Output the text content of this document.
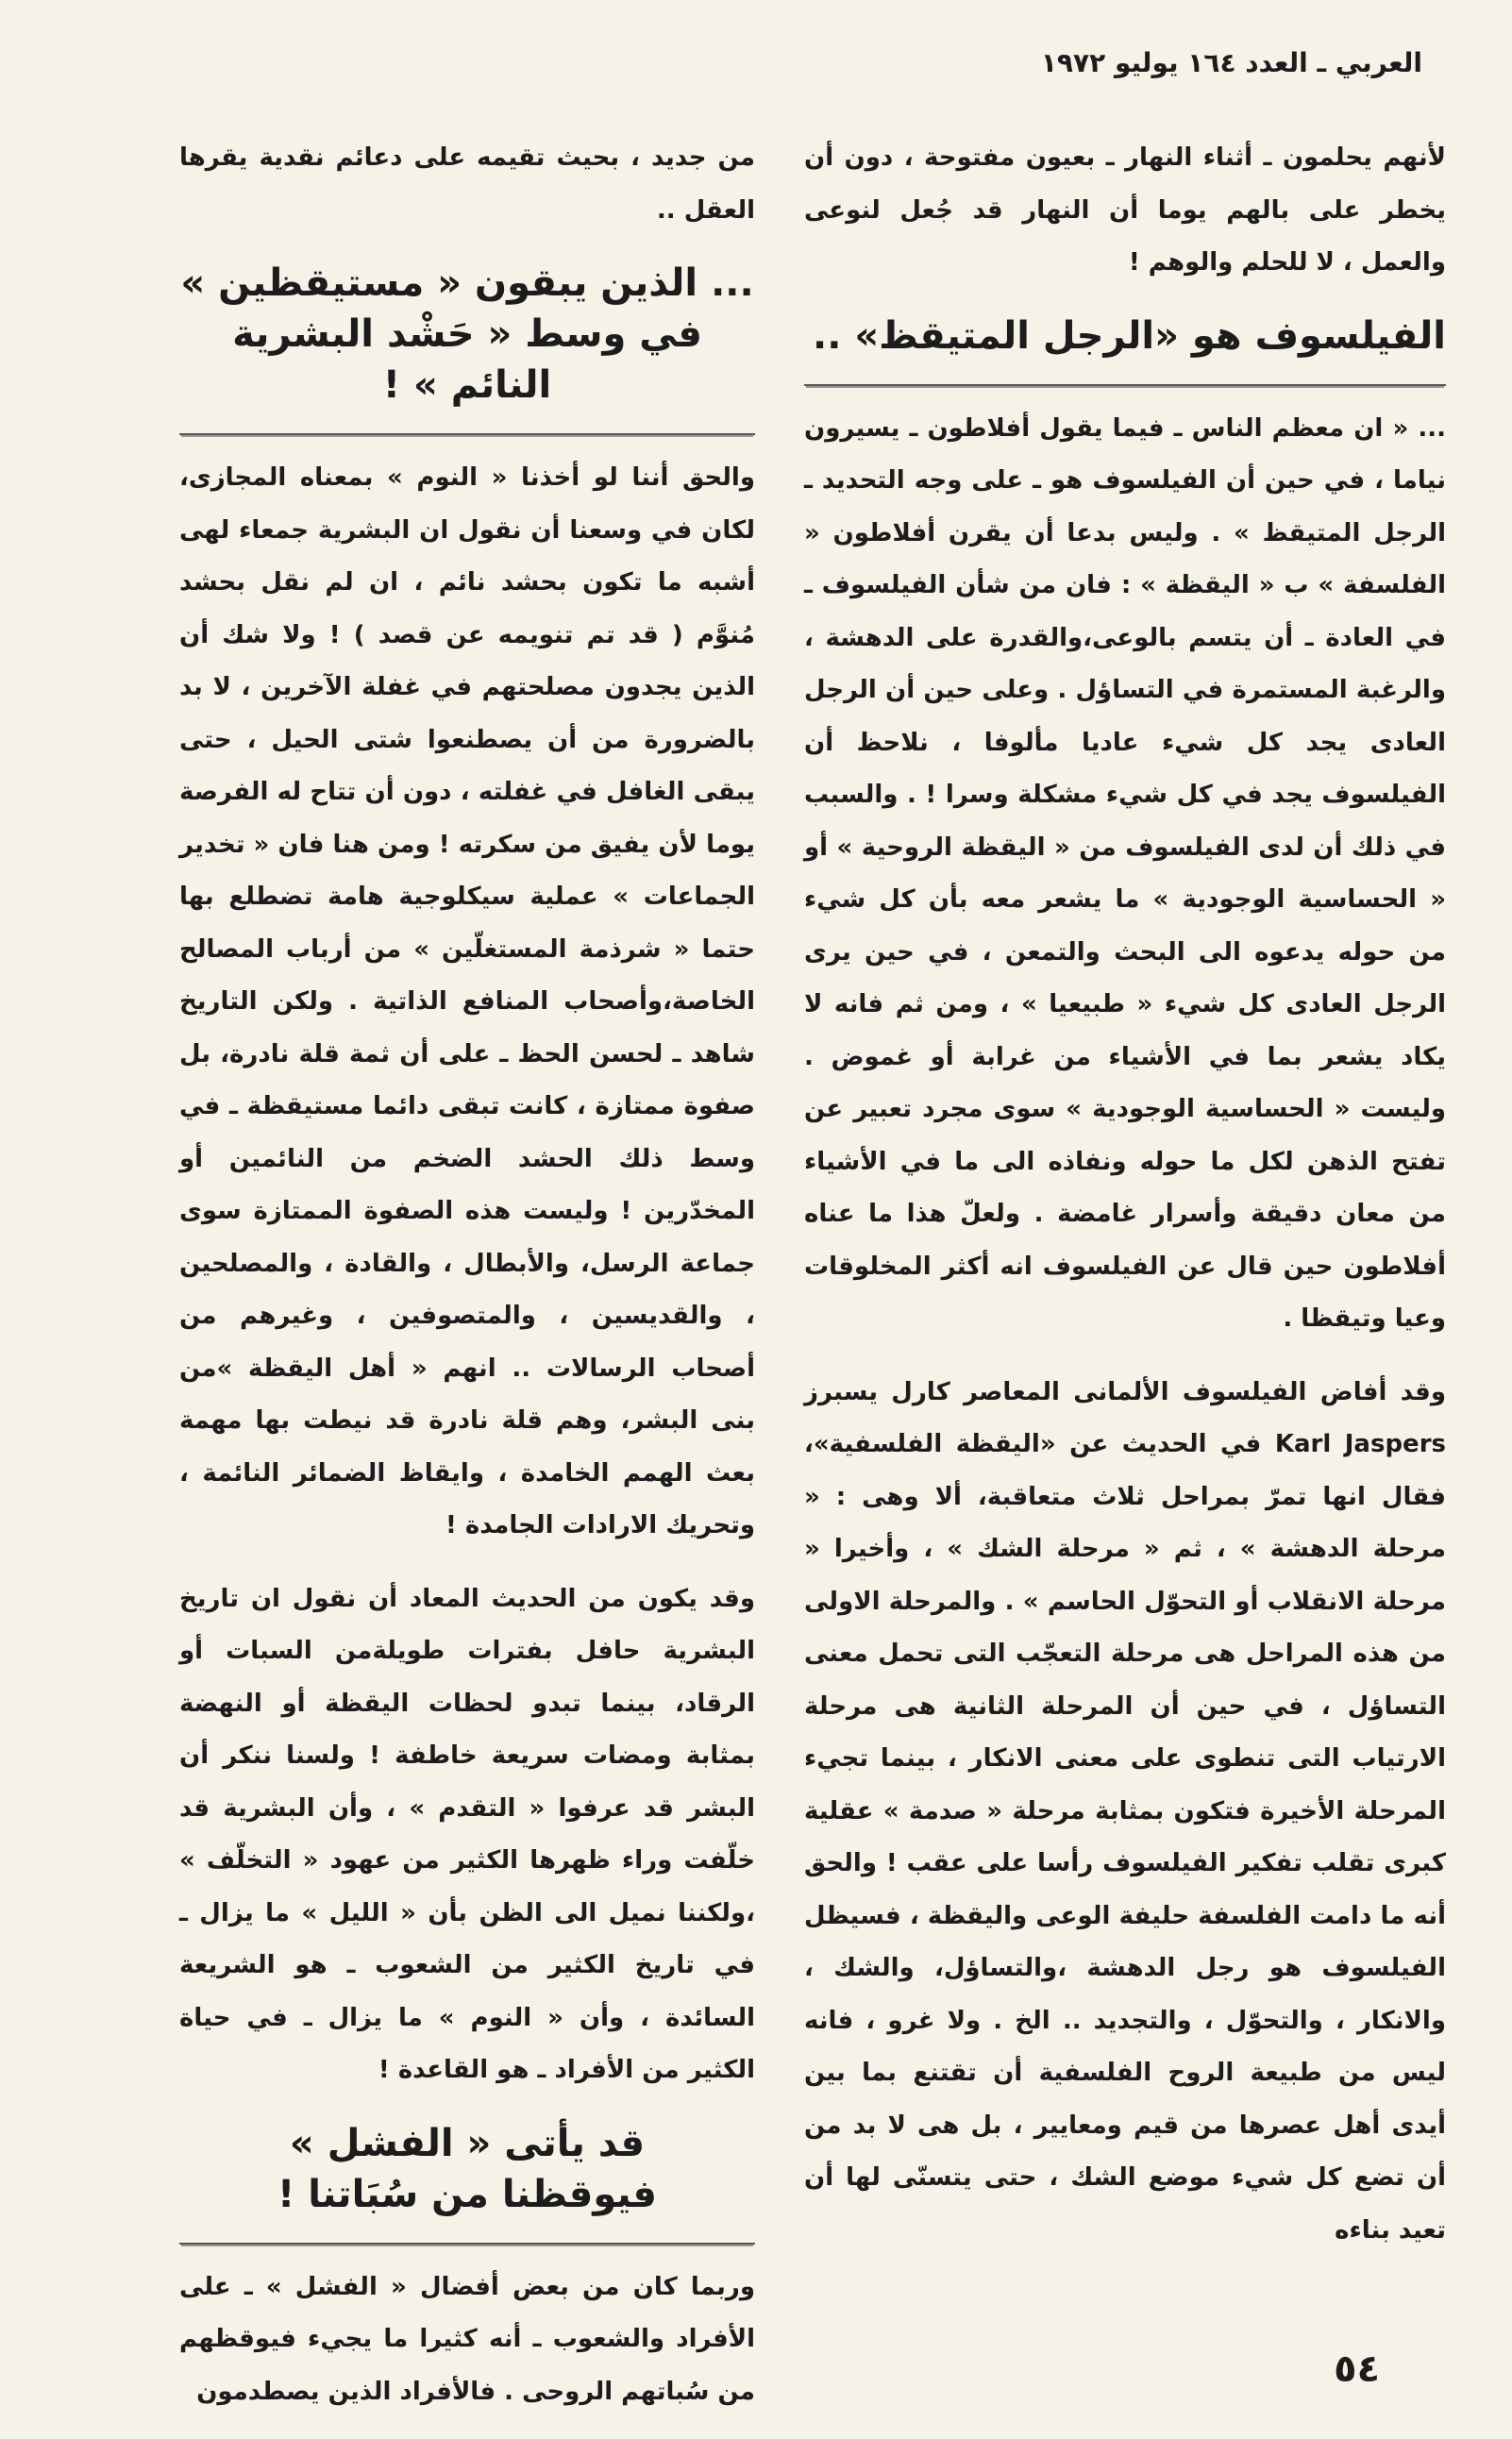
العربي ـ العدد ١٦٤ يوليو ١٩٧٢

لأنهم يحلمون ـ أثناء النهار ـ بعيون مفتوحة ، دون أن يخطر على بالهم يوما أن النهار قد جُعل لنوعى والعمل ، لا للحلم والوهم !

الفيلسوف هو «الرجل المتيقظ» ..

... « ان معظم الناس ـ فيما يقول أفلاطون ـ يسيرون نياما ، في حين أن الفيلسوف هو ـ على وجه التحديد ـ الرجل المتيقظ » . وليس بدعا أن يقرن أفلاطون « الفلسفة » ب « اليقظة » : فان من شأن الفيلسوف ـ في العادة ـ أن يتسم بالوعى،والقدرة على الدهشة ، والرغبة المستمرة في التساؤل . وعلى حين أن الرجل العادى يجد كل شيء عاديا مألوفا ، نلاحظ أن الفيلسوف يجد في كل شيء مشكلة وسرا ! . والسبب في ذلك أن لدى الفيلسوف من « اليقظة الروحية » أو « الحساسية الوجودية » ما يشعر معه بأن كل شيء من حوله يدعوه الى البحث والتمعن ، في حين يرى الرجل العادى كل شيء « طبيعيا » ، ومن ثم فانه لا يكاد يشعر بما في الأشياء من غرابة أو غموض . وليست « الحساسية الوجودية » سوى مجرد تعبير عن تفتح الذهن لكل ما حوله ونفاذه الى ما في الأشياء من معان دقيقة وأسرار غامضة . ولعلّ هذا ما عناه أفلاطون حين قال عن الفيلسوف انه أكثر المخلوقات وعيا وتيقظا .

وقد أفاض الفيلسوف الألمانى المعاصر كارل يسبرز Karl Jaspers في الحديث عن «اليقظة الفلسفية»، فقال انها تمرّ بمراحل ثلاث متعاقبة، ألا وهى : « مرحلة الدهشة » ، ثم « مرحلة الشك » ، وأخيرا « مرحلة الانقلاب أو التحوّل الحاسم » . والمرحلة الاولى من هذه المراحل هى مرحلة التعجّب التى تحمل معنى التساؤل ، في حين أن المرحلة الثانية هى مرحلة الارتياب التى تنطوى على معنى الانكار ، بينما تجيء المرحلة الأخيرة فتكون بمثابة مرحلة « صدمة » عقلية كبرى تقلب تفكير الفيلسوف رأسا على عقب ! والحق أنه ما دامت الفلسفة حليفة الوعى واليقظة ، فسيظل الفيلسوف هو رجل الدهشة ،والتساؤل، والشك ، والانكار ، والتحوّل ، والتجديد .. الخ . ولا غرو ، فانه ليس من طبيعة الروح الفلسفية أن تقتنع بما بين أيدى أهل عصرها من قيم ومعايير ، بل هى لا بد من أن تضع كل شيء موضع الشك ، حتى يتسنّى لها أن تعيد بناءه

من جديد ، بحيث تقيمه على دعائم نقدية يقرها العقل ..

... الذين يبقون « مستيقظين »
في وسط « حَشْد البشرية النائم » !

والحق أننا لو أخذنا « النوم » بمعناه المجازى، لكان في وسعنا أن نقول ان البشرية جمعاء لهى أشبه ما تكون بحشد نائم ، ان لم نقل بحشد مُنوَّم ( قد تم تنويمه عن قصد ) ! ولا شك أن الذين يجدون مصلحتهم في غفلة الآخرين ، لا بد بالضرورة من أن يصطنعوا شتى الحيل ، حتى يبقى الغافل في غفلته ، دون أن تتاح له الفرصة يوما لأن يفيق من سكرته ! ومن هنا فان « تخدير الجماعات » عملية سيكلوجية هامة تضطلع بها حتما « شرذمة المستغلّين » من أرباب المصالح الخاصة،وأصحاب المنافع الذاتية . ولكن التاريخ شاهد ـ لحسن الحظ ـ على أن ثمة قلة نادرة، بل صفوة ممتازة ، كانت تبقى دائما مستيقظة ـ في وسط ذلك الحشد الضخم من النائمين أو المخدّرين ! وليست هذه الصفوة الممتازة سوى جماعة الرسل، والأبطال ، والقادة ، والمصلحين ، والقديسين ، والمتصوفين ، وغيرهم من أصحاب الرسالات .. انهم « أهل اليقظة »من بنى البشر، وهم قلة نادرة قد نيطت بها مهمة بعث الهمم الخامدة ، وايقاظ الضمائر النائمة ، وتحريك الارادات الجامدة !

وقد يكون من الحديث المعاد أن نقول ان تاريخ البشرية حافل بفترات طويلةمن السبات أو الرقاد، بينما تبدو لحظات اليقظة أو النهضة بمثابة ومضات سريعة خاطفة ! ولسنا ننكر أن البشر قد عرفوا « التقدم » ، وأن البشرية قد خلّفت وراء ظهرها الكثير من عهود « التخلّف » ،ولكننا نميل الى الظن بأن « الليل » ما يزال ـ في تاريخ الكثير من الشعوب ـ هو الشريعة السائدة ، وأن « النوم » ما يزال ـ في حياة الكثير من الأفراد ـ هو القاعدة !

قد يأتى « الفشل »
فيوقظنا من سُبَاتنا !

وربما كان من بعض أفضال « الفشل » ـ على الأفراد والشعوب ـ أنه كثيرا ما يجيء فيوقظهم من سُباتهم الروحى . فالأفراد الذين يصطدمون

٥٤
